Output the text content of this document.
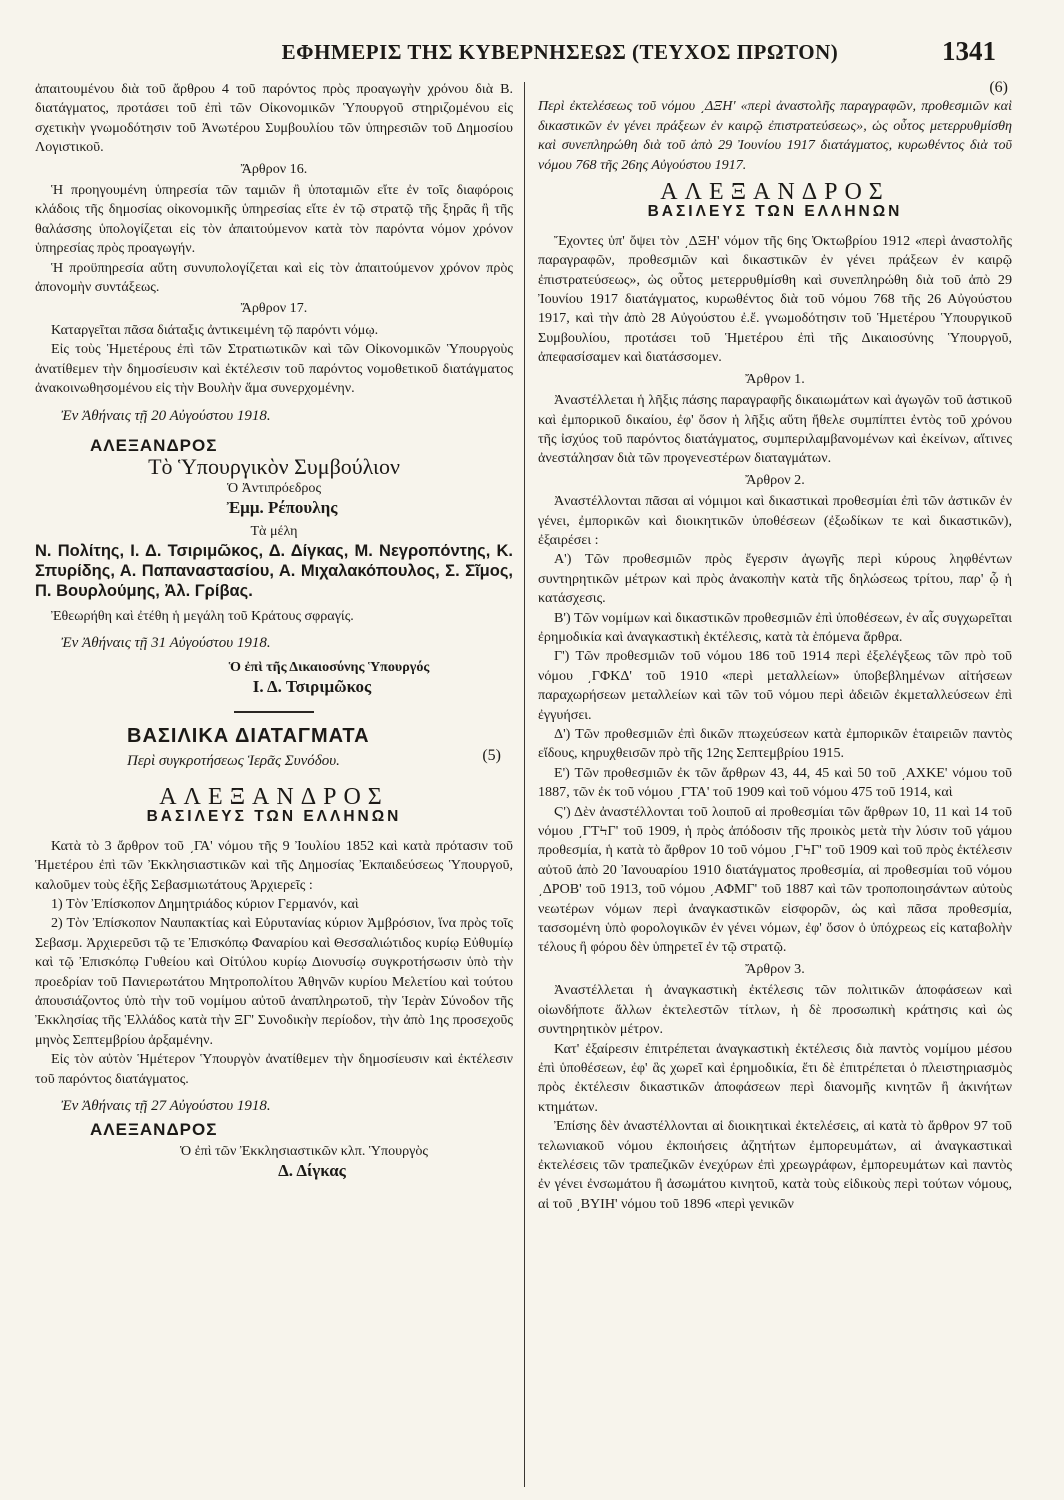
ΕΦΗΜΕΡΙΣ ΤΗΣ ΚΥΒΕΡΝΗΣΕΩΣ (ΤΕΥΧΟΣ ΠΡΩΤΟΝ)	1341

ἀπαιτουμένου διὰ τοῦ ἄρθρου 4 τοῦ παρόντος πρὸς προαγωγὴν χρόνου διὰ Β. διατάγματος, προτάσει τοῦ ἐπὶ τῶν Οἰκονομικῶν Ὑπουργοῦ στηριζομένου εἰς σχετικὴν γνωμοδότησιν τοῦ Ἀνωτέρου Συμβουλίου τῶν ὑπηρεσιῶν τοῦ Δημοσίου Λογιστικοῦ.

Ἄρθρον 16.

Ἡ προηγουμένη ὑπηρεσία τῶν ταμιῶν ἢ ὑποταμιῶν εἴτε ἐν τοῖς διαφόροις κλάδοις τῆς δημοσίας οἰκονομικῆς ὑπηρεσίας εἴτε ἐν τῷ στρατῷ τῆς ξηρᾶς ἢ τῆς θαλάσσης ὑπολογίζεται εἰς τὸν ἀπαιτούμενον κατὰ τὸν παρόντα νόμον χρόνον ὑπηρεσίας πρὸς προαγωγήν.

Ἡ προϋπηρεσία αὕτη συνυπολογίζεται καὶ εἰς τὸν ἀπαιτούμενον χρόνον πρὸς ἀπονομὴν συντάξεως.

Ἄρθρον 17.

Καταργεῖται πᾶσα διάταξις ἀντικειμένη τῷ παρόντι νόμῳ.

Εἰς τοὺς Ἡμετέρους ἐπὶ τῶν Στρατιωτικῶν καὶ τῶν Οἰκονομικῶν Ὑπουργοὺς ἀνατίθεμεν τὴν δημοσίευσιν καὶ ἐκτέλεσιν τοῦ παρόντος νομοθετικοῦ διατάγματος ἀνακοινωθησομένου εἰς τὴν Βουλὴν ἅμα συνερχομένην.

Ἐν Ἀθήναις τῇ 20 Αὐγούστου 1918.

ΑΛΕΞΑΝΔΡΟΣ
Τὸ Ὑπουργικὸν Συμβούλιον

Ὁ Ἀντιπρόεδρος

Ἐμμ. Ρέπουλης

Τὰ μέλη

Ν. Πολίτης, Ι. Δ. Τσιριμῶκος, Δ. Δίγκας, Μ. Νεγροπόντης, Κ. Σπυρίδης, Α. Παπαναστασίου, Α. Μιχαλακόπουλος, Σ. Σῖμος, Π. Βουρλούμης, Ἀλ. Γρίβας.

Ἐθεωρήθη καὶ ἐτέθη ἡ μεγάλη τοῦ Κράτους σφραγίς.

Ἐν Ἀθήναις τῇ 31 Αὐγούστου 1918.

Ὁ ἐπὶ τῆς Δικαιοσύνης Ὑπουργός

Ι. Δ. Τσιριμῶκος

ΒΑΣΙΛΙΚΑ ΔΙΑΤΑΓΜΑΤΑ
(5)
Περὶ συγκροτήσεως Ἱερᾶς Συνόδου.
ΑΛΕΞΑΝΔΡΟΣ
ΒΑΣΙΛΕΥΣ ΤΩΝ ΕΛΛΗΝΩΝ

Κατὰ τὸ 3 ἄρθρον τοῦ ͵ΓΑ' νόμου τῆς 9 Ἰουλίου 1852 καὶ κατὰ πρότασιν τοῦ Ἡμετέρου ἐπὶ τῶν Ἐκκλησιαστικῶν καὶ τῆς Δημοσίας Ἐκπαιδεύσεως Ὑπουργοῦ, καλοῦμεν τοὺς ἑξῆς Σεβασμιωτάτους Ἀρχιερεῖς :

1) Τὸν Ἐπίσκοπον Δημητριάδος κύριον Γερμανόν, καὶ

2) Τὸν Ἐπίσκοπον Ναυπακτίας καὶ Εὐρυτανίας κύριον Ἀμβρόσιον, ἵνα πρὸς τοῖς Σεβασμ. Ἀρχιερεῦσι τῷ τε Ἐπισκόπῳ Φαναρίου καὶ Θεσσαλιώτιδος κυρίῳ Εὐθυμίῳ καὶ τῷ Ἐπισκόπῳ Γυθείου καὶ Οἰτύλου κυρίῳ Διονυσίῳ συγκροτήσωσιν ὑπὸ τὴν προεδρίαν τοῦ Πανιερωτάτου Μητροπολίτου Ἀθηνῶν κυρίου Μελετίου καὶ τούτου ἀπουσιάζοντος ὑπὸ τὴν τοῦ νομίμου αὐτοῦ ἀναπληρωτοῦ, τὴν Ἱερὰν Σύνοδον τῆς Ἐκκλησίας τῆς Ἑλλάδος κατὰ τὴν ΞΓ' Συνοδικὴν περίοδον, τὴν ἀπὸ 1ης προσεχοῦς μηνὸς Σεπτεμβρίου ἀρξαμένην.

Εἰς τὸν αὐτὸν Ἡμέτερον Ὑπουργὸν ἀνατίθεμεν τὴν δημοσίευσιν καὶ ἐκτέλεσιν τοῦ παρόντος διατάγματος.

Ἐν Ἀθήναις τῇ 27 Αὐγούστου 1918.

ΑΛΕΞΑΝΔΡΟΣ

Ὁ ἐπὶ τῶν Ἐκκλησιαστικῶν κλπ. Ὑπουργὸς

Δ. Δίγκας

(6)

Περὶ ἐκτελέσεως τοῦ νόμου ͵ΔΞΗ' «περὶ ἀναστολῆς παραγραφῶν, προθεσμιῶν καὶ δικαστικῶν ἐν γένει πράξεων ἐν καιρῷ ἐπιστρατεύσεως», ὡς οὗτος μετερρυθμίσθη καὶ συνεπληρώθη διὰ τοῦ ἀπὸ 29 Ἰουνίου 1917 διατάγματος, κυρωθέντος διὰ τοῦ νόμου 768 τῆς 26ης Αὐγούστου 1917.

ΑΛΕΞΑΝΔΡΟΣ
ΒΑΣΙΛΕΥΣ ΤΩΝ ΕΛΛΗΝΩΝ

Ἔχοντες ὑπ' ὄψει τὸν ͵ΔΞΗ' νόμον τῆς 6ης Ὀκτωβρίου 1912 «περὶ ἀναστολῆς παραγραφῶν, προθεσμιῶν καὶ δικαστικῶν ἐν γένει πράξεων ἐν καιρῷ ἐπιστρατεύσεως», ὡς οὗτος μετερρυθμίσθη καὶ συνεπληρώθη διὰ τοῦ ἀπὸ 29 Ἰουνίου 1917 διατάγματος, κυρωθέντος διὰ τοῦ νόμου 768 τῆς 26 Αὐγούστου 1917, καὶ τὴν ἀπὸ 28 Αὐγούστου ἐ.ἔ. γνωμοδότησιν τοῦ Ἡμετέρου Ὑπουργικοῦ Συμβουλίου, προτάσει τοῦ Ἡμετέρου ἐπὶ τῆς Δικαιοσύνης Ὑπουργοῦ, ἀπεφασίσαμεν καὶ διατάσσομεν.

Ἄρθρον 1.

Ἀναστέλλεται ἡ λῆξις πάσης παραγραφῆς δικαιωμάτων καὶ ἀγωγῶν τοῦ ἀστικοῦ καὶ ἐμπορικοῦ δικαίου, ἐφ' ὅσον ἡ λῆξις αὕτη ἤθελε συμπίπτει ἐντὸς τοῦ χρόνου τῆς ἰσχύος τοῦ παρόντος διατάγματος, συμπεριλαμβανομένων καὶ ἐκείνων, αἵτινες ἀνεστάλησαν διὰ τῶν προγενεστέρων διαταγμάτων.

Ἄρθρον 2.

Ἀναστέλλονται πᾶσαι αἱ νόμιμοι καὶ δικαστικαὶ προθεσμίαι ἐπὶ τῶν ἀστικῶν ἐν γένει, ἐμπορικῶν καὶ διοικητικῶν ὑποθέσεων (ἐξωδίκων τε καὶ δικαστικῶν), ἐξαιρέσει :

Α') Τῶν προθεσμιῶν πρὸς ἔγερσιν ἀγωγῆς περὶ κύρους ληφθέντων συντηρητικῶν μέτρων καὶ πρὸς ἀνακοπὴν κατὰ τῆς δηλώσεως τρίτου, παρ' ᾧ ἡ κατάσχεσις.

Β') Τῶν νομίμων καὶ δικαστικῶν προθεσμιῶν ἐπὶ ὑποθέσεων, ἐν αἷς συγχωρεῖται ἐρημοδικία καὶ ἀναγκαστικὴ ἐκτέλεσις, κατὰ τὰ ἑπόμενα ἄρθρα.

Γ') Τῶν προθεσμιῶν τοῦ νόμου 186 τοῦ 1914 περὶ ἐξελέγξεως τῶν πρὸ τοῦ νόμου ͵ΓΦΚΔ' τοῦ 1910 «περὶ μεταλλείων» ὑποβεβλημένων αἰτήσεων παραχωρήσεων μεταλλείων καὶ τῶν τοῦ νόμου περὶ ἀδειῶν ἐκμεταλλεύσεων ἐπὶ ἐγγυήσει.

Δ') Τῶν προθεσμιῶν ἐπὶ δικῶν πτωχεύσεων κατὰ ἐμπορικῶν ἑταιρειῶν παντὸς εἴδους, κηρυχθεισῶν πρὸ τῆς 12ης Σεπτεμβρίου 1915.

Ε') Τῶν προθεσμιῶν ἐκ τῶν ἄρθρων 43, 44, 45 καὶ 50 τοῦ ͵ΑΧΚΕ' νόμου τοῦ 1887, τῶν ἐκ τοῦ νόμου ͵ΓΤΑ' τοῦ 1909 καὶ τοῦ νόμου 475 τοῦ 1914, καὶ

Ϛ') Δὲν ἀναστέλλονται τοῦ λοιποῦ αἱ προθεσμίαι τῶν ἄρθρων 10, 11 καὶ 14 τοῦ νόμου ͵ΓΤϞΓ' τοῦ 1909, ἡ πρὸς ἀπόδοσιν τῆς προικὸς μετὰ τὴν λύσιν τοῦ γάμου προθεσμία, ἡ κατὰ τὸ ἄρθρον 10 τοῦ νόμου ͵ΓϞΓ' τοῦ 1909 καὶ τοῦ πρὸς ἐκτέλεσιν αὐτοῦ ἀπὸ 20 Ἰανουαρίου 1910 διατάγματος προθεσμία, αἱ προθεσμίαι τοῦ νόμου ͵ΔΡΟΒ' τοῦ 1913, τοῦ νόμου ͵ΑΦΜΓ' τοῦ 1887 καὶ τῶν τροποποιησάντων αὐτοὺς νεωτέρων νόμων περὶ ἀναγκαστικῶν εἰσφορῶν, ὡς καὶ πᾶσα προθεσμία, τασσομένη ὑπὸ φορολογικῶν ἐν γένει νόμων, ἐφ' ὅσον ὁ ὑπόχρεως εἰς καταβολὴν τέλους ἢ φόρου δὲν ὑπηρετεῖ ἐν τῷ στρατῷ.

Ἄρθρον 3.

Ἀναστέλλεται ἡ ἀναγκαστικὴ ἐκτέλεσις τῶν πολιτικῶν ἀποφάσεων καὶ οἱωνδήποτε ἄλλων ἐκτελεστῶν τίτλων, ἡ δὲ προσωπικὴ κράτησις καὶ ὡς συντηρητικὸν μέτρον.

Κατ' ἐξαίρεσιν ἐπιτρέπεται ἀναγκαστικὴ ἐκτέλεσις διὰ παντὸς νομίμου μέσου ἐπὶ ὑποθέσεων, ἐφ' ἃς χωρεῖ καὶ ἐρημοδικία, ἔτι δὲ ἐπιτρέπεται ὁ πλειστηριασμὸς πρὸς ἐκτέλεσιν δικαστικῶν ἀποφάσεων περὶ διανομῆς κινητῶν ἢ ἀκινήτων κτημάτων.

Ἐπίσης δὲν ἀναστέλλονται αἱ διοικητικαὶ ἐκτελέσεις, αἱ κατὰ τὸ ἄρθρον 97 τοῦ τελωνιακοῦ νόμου ἐκποιήσεις ἀζητήτων ἐμπορευμάτων, αἱ ἀναγκαστικαὶ ἐκτελέσεις τῶν τραπεζικῶν ἐνεχύρων ἐπὶ χρεωγράφων, ἐμπορευμάτων καὶ παντὸς ἐν γένει ἐνσωμάτου ἢ ἀσωμάτου κινητοῦ, κατὰ τοὺς εἰδικοὺς περὶ τούτων νόμους, αἱ τοῦ ͵ΒΥΙΗ' νόμου τοῦ 1896 «περὶ γενικῶν
